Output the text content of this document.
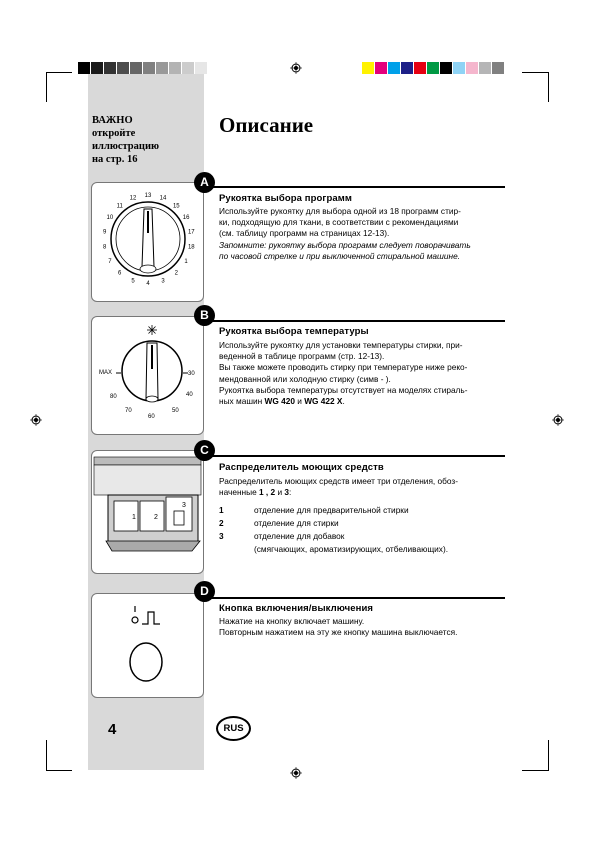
ВАЖНО
откройте
иллюстрацию
на стр. 16
Описание
18
17
16
15
14
13
12
11
10
9
8
7
6
5 4 3
2
1
A
Рукоятка выбора программ
Используйте рукоятку для выбора одной из 18 программ стир-
ки, подходящую для ткани, в соответствии с рекомендациями
(см. таблицу программ на страницах 12-13).
Запомните: рукоятку выбора программ следует поворачивать
по часовой стрелке и при выключенной стиральной машине.
MAX
80
70
60
50
40
30
B
Рукоятка выбора температуры
Используйте рукоятку для установки температуры стирки, при-
веденной в таблице программ (стр. 12-13).
Вы также можете проводить стирку при температуре ниже реко-
мендованной или холодную стирку (симв - ).
Рукоятка выбора температуры отсутствует на моделях стираль-
ных машин WG 420 и WG 422 X.
1	2
3
C
Распределитель моющих средств
Распределитель моющих средств имеет три отделения, обоз-
наченные 1 , 2 и 3:
1	отделение для предварительной стирки
2	отделение для стирки
3	отделение для добавок
(смягчающих, ароматизирующих, отбеливающих).
D
Кнопка включения/выключения
Нажатие на кнопку включает машину.
Повторным нажатием на эту же кнопку машина выключается.
4	RUS
